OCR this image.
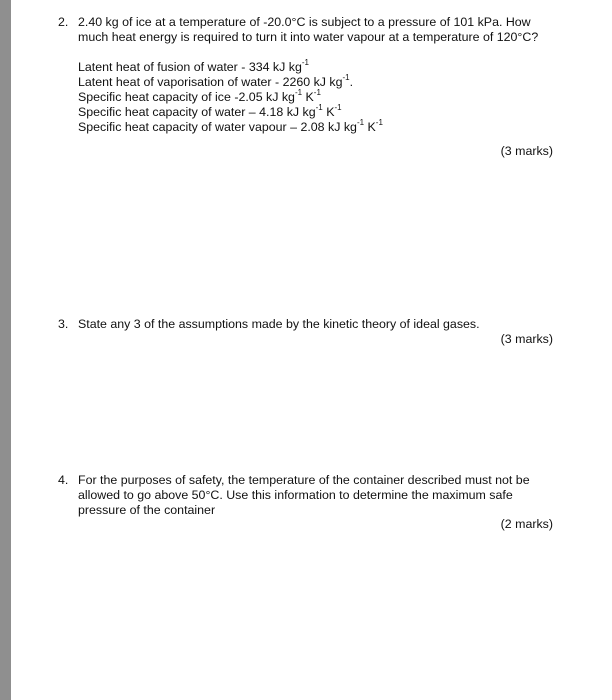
2. 2.40 kg of ice at a temperature of -20.0°C is subject to a pressure of 101 kPa. How much heat energy is required to turn it into water vapour at a temperature of 120°C?
Latent heat of fusion of water - 334 kJ $kg^{-1}$
Latent heat of vaporisation of water - 2260 kJ $kg^{-1}$.
Specific heat capacity of ice -2.05 kJ $kg^{-1}$ $K^{-1}$
Specific heat capacity of water – 4.18 kJ $kg^{-1}$ $K^{-1}$
Specific heat capacity of water vapour – 2.08 kJ $kg^{-1}$ $K^{-1}$
(3 marks)
3. State any 3 of the assumptions made by the kinetic theory of ideal gases.
(3 marks)
4. For the purposes of safety, the temperature of the container described must not be allowed to go above 50°C. Use this information to determine the maximum safe pressure of the container
(2 marks)
